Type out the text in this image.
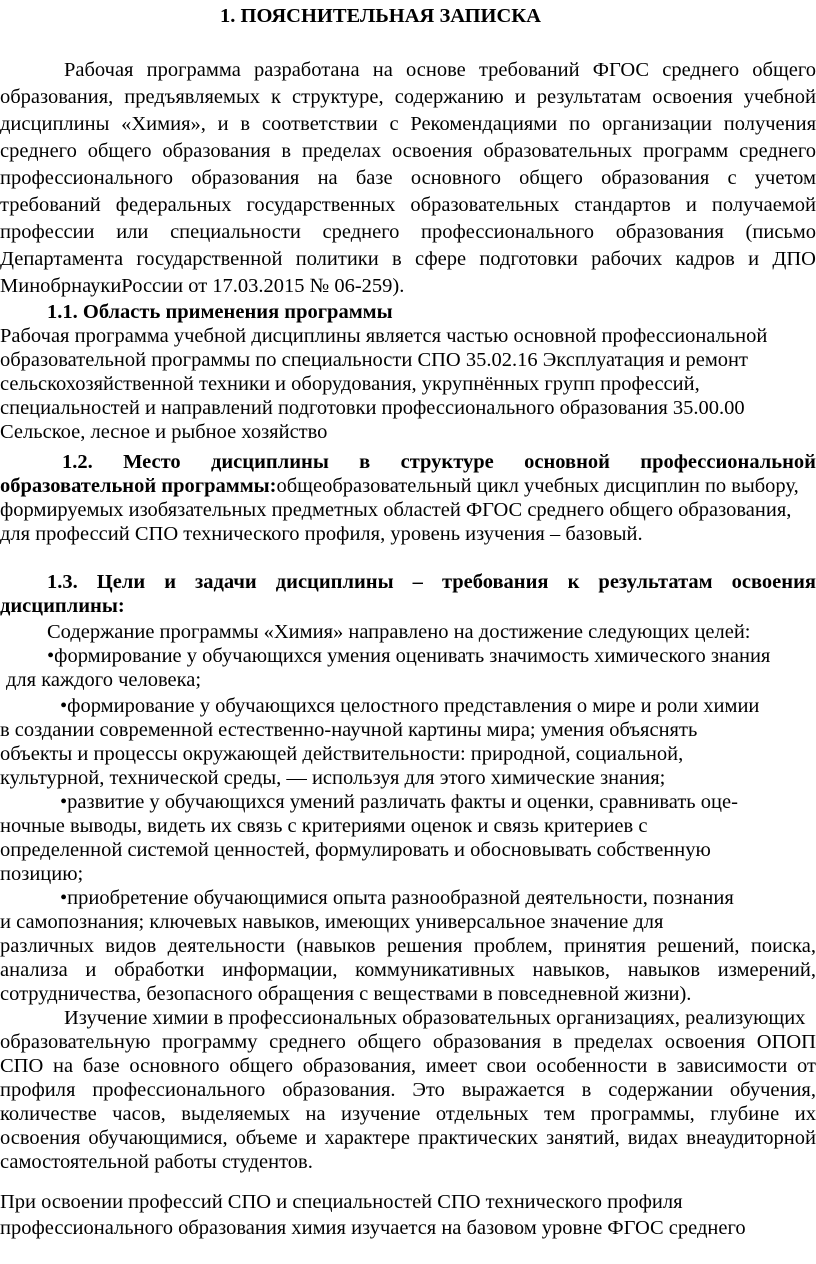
1. ПОЯСНИТЕЛЬНАЯ ЗАПИСКА
Рабочая программа разработана на основе требований ФГОС среднего общего
образования, предъявляемых к структуре, содержанию и результатам освоения учебной
дисциплины «Химия», и в соответствии с Рекомендациями по организации получения
среднего общего образования в пределах освоения образовательных программ среднего
профессионального образования на базе основного общего образования с учетом
требований федеральных государственных образовательных стандартов и получаемой
профессии или специальности среднего профессионального образования (письмо
Департамента государственной политики в сфере подготовки рабочих кадров и ДПО
МинобрнаукиРоссии от 17.03.2015 № 06-259).
1.1. Область применения программы
Рабочая программа учебной дисциплины является частью основной профессиональной
образовательной программы по специальности СПО 35.02.16 Эксплуатация и ремонт
сельскохозяйственной техники и оборудования, укрупнённых групп профессий,
специальностей и направлений подготовки профессионального образования 35.00.00
Сельское, лесное и рыбное хозяйство
1.2. Место дисциплины в структуре основной профессиональной
образовательной программы:общеобразовательный цикл учебных дисциплин по выбору,
формируемых изобязательных предметных областей ФГОС среднего общего образования,
для профессий СПО технического профиля, уровень изучения – базовый.
1.3. Цели и задачи дисциплины – требования к результатам освоения
дисциплины:
Содержание программы «Химия» направлено на достижение следующих целей:
•формирование у обучающихся умения оценивать значимость химического знания
для каждого человека;
•формирование у обучающихся целостного представления о мире и роли химии
в создании современной естественно-научной картины мира; умения объяснять
объекты и процессы окружающей действительности: природной, социальной,
культурной, технической среды, — используя для этого химические знания;
•развитие у обучающихся умений различать факты и оценки, сравнивать оце-
ночные выводы, видеть их связь с критериями оценок и связь критериев с
определенной системой ценностей, формулировать и обосновывать собственную
позицию;
•приобретение обучающимися опыта разнообразной деятельности, познания
и самопознания; ключевых навыков, имеющих универсальное значение для
различных видов деятельности (навыков решения проблем, принятия решений, поиска,
анализа и обработки информации, коммуникативных навыков, навыков измерений,
сотрудничества, безопасного обращения с веществами в повседневной жизни).
Изучение химии в профессиональных образовательных организациях, реализующих
образовательную программу среднего общего образования в пределах освоения ОПОП
СПО на базе основного общего образования, имеет свои особенности в зависимости от
профиля профессионального образования. Это выражается в содержании обучения,
количестве часов, выделяемых на изучение отдельных тем программы, глубине их
освоения обучающимися, объеме и характере практических занятий, видах внеаудиторной
самостоятельной работы студентов.
При освоении профессий СПО и специальностей СПО технического профиля
профессионального образования химия изучается на базовом уровне ФГОС среднего
